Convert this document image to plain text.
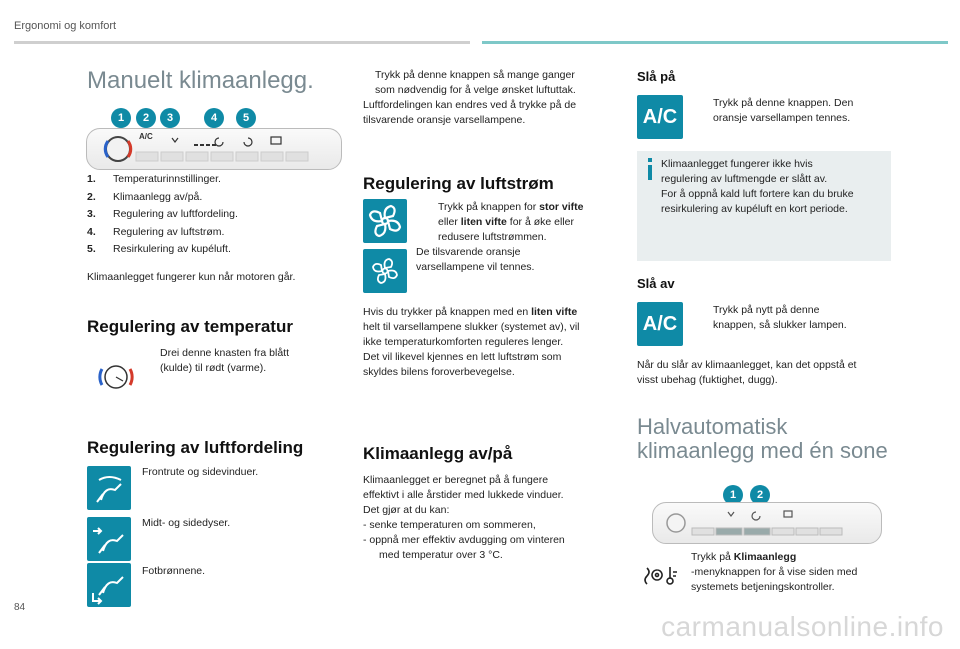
Ergonomi og komfort
Manuelt klimaanlegg.
1	2	3	4	5
A/C
1. Temperaturinnstillinger.
2. Klimaanlegg av/på.
3. Regulering av luftfordeling.
4. Regulering av luftstrøm.
5. Resirkulering av kupéluft.
Klimaanlegget fungerer kun når motoren går.
Regulering av temperatur
Drei denne knasten fra blått
(kulde) til rødt (varme).
Regulering av luftfordeling
Frontrute og sidevinduer.
Midt- og sidedyser.
Fotbrønnene.
Trykk på denne knappen så mange ganger
som nødvendig for å velge ønsket luftuttak.
Luftfordelingen kan endres ved å trykke på de
tilsvarende oransje varsellampene.
Regulering av luftstrøm
Trykk på knappen for stor vifte
eller liten vifte for å øke eller
redusere luftstrømmen.
De tilsvarende oransje
varsellampene vil tennes.
Hvis du trykker på knappen med en liten vifte
helt til varsellampene slukker (systemet av), vil
ikke temperaturkomforten reguleres lenger.
Det vil likevel kjennes en lett luftstrøm som
skyldes bilens foroverbevegelse.
Klimaanlegg av/på
Klimaanlegget er beregnet på å fungere
effektivt i alle årstider med lukkede vinduer.
Det gjør at du kan:
- senke temperaturen om sommeren,
- oppnå mer effektiv avdugging om vinteren
med temperatur over 3 °C.
Slå på
A/C
Trykk på denne knappen. Den
oransje varsellampen tennes.
Klimaanlegget fungerer ikke hvis
regulering av luftmengde er slått av.
For å oppnå kald luft fortere kan du bruke
resirkulering av kupéluft en kort periode.
Slå av
A/C
Trykk på nytt på denne
knappen, så slukker lampen.
Når du slår av klimaanlegget, kan det oppstå et
visst ubehag (fuktighet, dugg).
Halvautomatisk
klimaanlegg med én sone
1	2
Trykk på Klimaanlegg
-menyknappen for å vise siden med
systemets betjeningskontroller.
84
carmanualsonline.info
